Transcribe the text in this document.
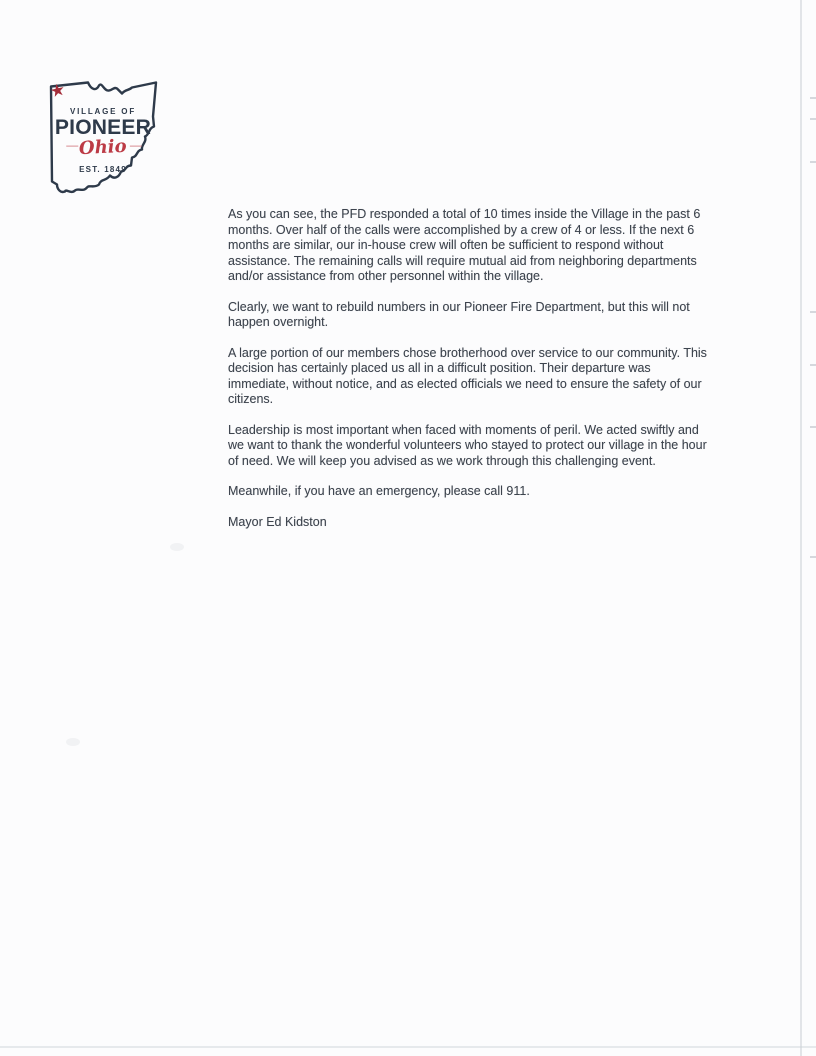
★
VILLAGE OF
PIONEER
— Ohio —
EST. 1849

As you can see, the PFD responded a total of 10 times inside the Village in the past 6 months. Over half of the calls were accomplished by a crew of 4 or less. If the next 6 months are similar, our in-house crew will often be sufficient to respond without assistance. The remaining calls will require mutual aid from neighboring departments and/or assistance from other personnel within the village.

Clearly, we want to rebuild numbers in our Pioneer Fire Department, but this will not happen overnight.

A large portion of our members chose brotherhood over service to our community. This decision has certainly placed us all in a difficult position. Their departure was immediate, without notice, and as elected officials we need to ensure the safety of our citizens.

Leadership is most important when faced with moments of peril. We acted swiftly and we want to thank the wonderful volunteers who stayed to protect our village in the hour of need. We will keep you advised as we work through this challenging event.

Meanwhile, if you have an emergency, please call 911.

Mayor Ed Kidston
